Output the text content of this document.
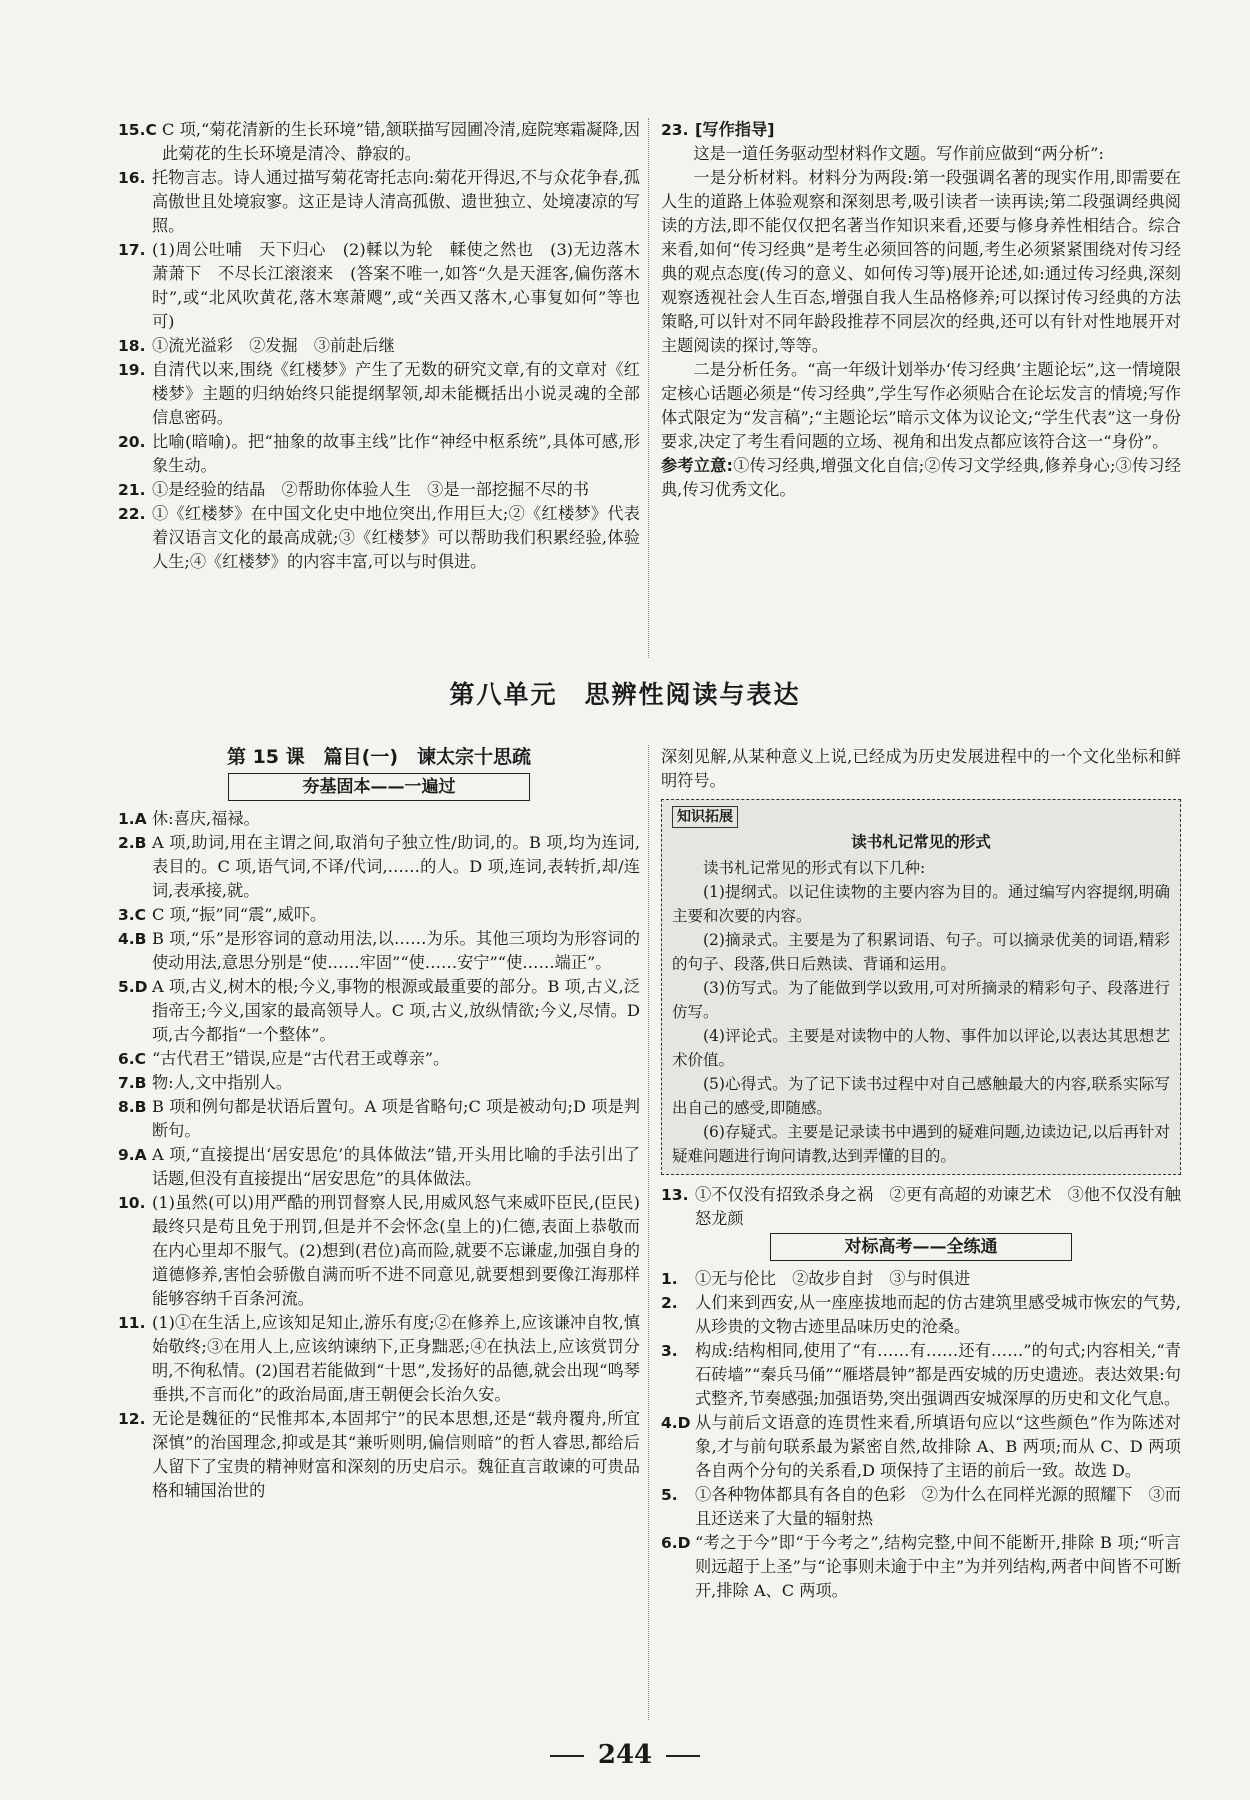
15.C C 项,“菊花清新的生长环境”错,颔联描写园圃冷清,庭院寒霜凝降,因此菊花的生长环境是清冷、静寂的。
16. 托物言志。诗人通过描写菊花寄托志向:菊花开得迟,不与众花争春,孤高傲世且处境寂寥。这正是诗人清高孤傲、遗世独立、处境凄凉的写照。
17. (1)周公吐哺　天下归心　(2)輮以为轮　輮使之然也　(3)无边落木萧萧下　不尽长江滚滚来　(答案不唯一,如答“久是天涯客,偏伤落木时”,或“北风吹黄花,落木寒萧飕”,或“关西又落木,心事复如何”等也可)
18. ①流光溢彩　②发掘　③前赴后继
19. 自清代以来,围绕《红楼梦》产生了无数的研究文章,有的文章对《红楼梦》主题的归纳始终只能提纲挈领,却未能概括出小说灵魂的全部信息密码。
20. 比喻(暗喻)。把“抽象的故事主线”比作“神经中枢系统”,具体可感,形象生动。
21. ①是经验的结晶　②帮助你体验人生　③是一部挖掘不尽的书
22. ①《红楼梦》在中国文化史中地位突出,作用巨大;②《红楼梦》代表着汉语言文化的最高成就;③《红楼梦》可以帮助我们积累经验,体验人生;④《红楼梦》的内容丰富,可以与时俱进。
23. [写作指导]

这是一道任务驱动型材料作文题。写作前应做到“两分析”:

一是分析材料。材料分为两段:第一段强调名著的现实作用,即需要在人生的道路上体验观察和深刻思考,吸引读者一读再读;第二段强调经典阅读的方法,即不能仅仅把名著当作知识来看,还要与修身养性相结合。综合来看,如何“传习经典”是考生必须回答的问题,考生必须紧紧围绕对传习经典的观点态度(传习的意义、如何传习等)展开论述,如:通过传习经典,深刻观察透视社会人生百态,增强自我人生品格修养;可以探讨传习经典的方法策略,可以针对不同年龄段推荐不同层次的经典,还可以有针对性地展开对主题阅读的探讨,等等。

二是分析任务。“高一年级计划举办‘传习经典’主题论坛”,这一情境限定核心话题必须是“传习经典”,学生写作必须贴合在论坛发言的情境;写作体式限定为“发言稿”;“主题论坛”暗示文体为议论文;“学生代表”这一身份要求,决定了考生看问题的立场、视角和出发点都应该符合这一“身份”。

参考立意:①传习经典,增强文化自信;②传习文学经典,修养身心;③传习经典,传习优秀文化。

第八单元　思辨性阅读与表达
第 15 课　篇目(一)　谏太宗十思疏
夯基固本——一遍过
1.A 休:喜庆,福禄。
2.B A 项,助词,用在主谓之间,取消句子独立性/助词,的。B 项,均为连词,表目的。C 项,语气词,不译/代词,……的人。D 项,连词,表转折,却/连词,表承接,就。
3.C C 项,“振”同“震”,威吓。
4.B B 项,“乐”是形容词的意动用法,以……为乐。其他三项均为形容词的使动用法,意思分别是“使……牢固”“使……安宁”“使……端正”。
5.D A 项,古义,树木的根;今义,事物的根源或最重要的部分。B 项,古义,泛指帝王;今义,国家的最高领导人。C 项,古义,放纵情欲;今义,尽情。D 项,古今都指“一个整体”。
6.C “古代君王”错误,应是“古代君王或尊亲”。
7.B 物:人,文中指别人。
8.B B 项和例句都是状语后置句。A 项是省略句;C 项是被动句;D 项是判断句。
9.A A 项,“直接提出‘居安思危’的具体做法”错,开头用比喻的手法引出了话题,但没有直接提出“居安思危”的具体做法。
10. (1)虽然(可以)用严酷的刑罚督察人民,用威风怒气来威吓臣民,(臣民)最终只是苟且免于刑罚,但是并不会怀念(皇上的)仁德,表面上恭敬而在内心里却不服气。(2)想到(君位)高而险,就要不忘谦虚,加强自身的道德修养,害怕会骄傲自满而听不进不同意见,就要想到要像江海那样能够容纳千百条河流。
11. (1)①在生活上,应该知足知止,游乐有度;②在修养上,应该谦冲自牧,慎始敬终;③在用人上,应该纳谏纳下,正身黜恶;④在执法上,应该赏罚分明,不徇私情。(2)国君若能做到“十思”,发扬好的品德,就会出现“鸣琴垂拱,不言而化”的政治局面,唐王朝便会长治久安。
12. 无论是魏征的“民惟邦本,本固邦宁”的民本思想,还是“载舟覆舟,所宜深慎”的治国理念,抑或是其“兼听则明,偏信则暗”的哲人睿思,都给后人留下了宝贵的精神财富和深刻的历史启示。魏征直言敢谏的可贵品格和辅国治世的

深刻见解,从某种意义上说,已经成为历史发展进程中的一个文化坐标和鲜明符号。

知识拓展
读书札记常见的形式

读书札记常见的形式有以下几种:

(1)提纲式。以记住读物的主要内容为目的。通过编写内容提纲,明确主要和次要的内容。

(2)摘录式。主要是为了积累词语、句子。可以摘录优美的词语,精彩的句子、段落,供日后熟读、背诵和运用。

(3)仿写式。为了能做到学以致用,可对所摘录的精彩句子、段落进行仿写。

(4)评论式。主要是对读物中的人物、事件加以评论,以表达其思想艺术价值。

(5)心得式。为了记下读书过程中对自己感触最大的内容,联系实际写出自己的感受,即随感。

(6)存疑式。主要是记录读书中遇到的疑难问题,边读边记,以后再针对疑难问题进行询问请教,达到弄懂的目的。

13. ①不仅没有招致杀身之祸　②更有高超的劝谏艺术　③他不仅没有触怒龙颜
对标高考——全练通
1. ①无与伦比　②故步自封　③与时俱进
2. 人们来到西安,从一座座拔地而起的仿古建筑里感受城市恢宏的气势,从珍贵的文物古迹里品味历史的沧桑。
3. 构成:结构相同,使用了“有……有……还有……”的句式;内容相关,“青石砖墙”“秦兵马俑”“雁塔晨钟”都是西安城的历史遗迹。表达效果:句式整齐,节奏感强;加强语势,突出强调西安城深厚的历史和文化气息。
4.D 从与前后文语意的连贯性来看,所填语句应以“这些颜色”作为陈述对象,才与前句联系最为紧密自然,故排除 A、B 两项;而从 C、D 两项各自两个分句的关系看,D 项保持了主语的前后一致。故选 D。
5. ①各种物体都具有各自的色彩　②为什么在同样光源的照耀下　③而且还送来了大量的辐射热
6.D “考之于今”即“于今考之”,结构完整,中间不能断开,排除 B 项;“听言则远超于上圣”与“论事则未逾于中主”为并列结构,两者中间皆不可断开,排除 A、C 两项。
244
